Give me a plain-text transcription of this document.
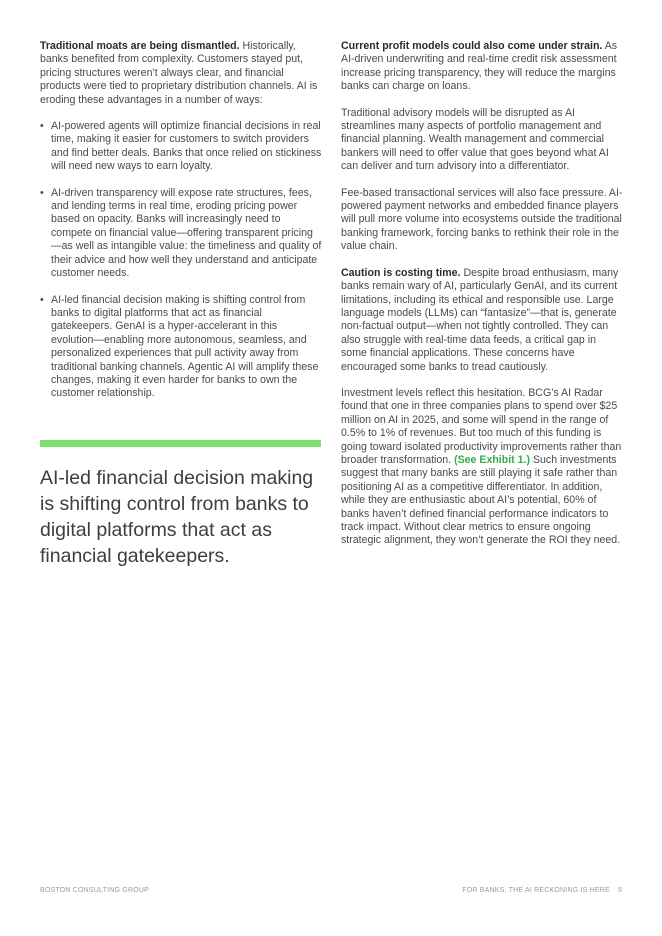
Traditional moats are being dismantled. Historically, banks benefited from complexity. Customers stayed put, pricing structures weren’t always clear, and financial products were tied to proprietary distribution channels. AI is eroding these advantages in a number of ways:

• AI-powered agents will optimize financial decisions in real time, making it easier for customers to switch providers and find better deals. Banks that once relied on stickiness will need new ways to earn loyalty.
• AI-driven transparency will expose rate structures, fees, and lending terms in real time, eroding pricing power based on opacity. Banks will increasingly need to compete on financial value—offering transparent pricing—as well as intangible value: the timeliness and quality of their advice and how well they understand and anticipate customer needs.
• AI-led financial decision making is shifting control from banks to digital platforms that act as financial gatekeepers. GenAI is a hyper-accelerant in this evolution—enabling more autonomous, seamless, and personalized experiences that pull activity away from traditional banking channels. Agentic AI will amplify these changes, making it even harder for banks to own the customer relationship.
AI-led financial decision making is shifting control from banks to digital platforms that act as financial gatekeepers.

Current profit models could also come under strain. As AI-driven underwriting and real-time credit risk assessment increase pricing transparency, they will reduce the margins banks can charge on loans.

Traditional advisory models will be disrupted as AI streamlines many aspects of portfolio management and financial planning. Wealth management and commercial bankers will need to offer value that goes beyond what AI can deliver and turn advisory into a differentiator.

Fee-based transactional services will also face pressure. AI-powered payment networks and embedded finance players will pull more volume into ecosystems outside the traditional banking framework, forcing banks to rethink their role in the value chain.

Caution is costing time. Despite broad enthusiasm, many banks remain wary of AI, particularly GenAI, and its current limitations, including its ethical and responsible use. Large language models (LLMs) can “fantasize”—that is, generate non-factual output—when not tightly controlled. They can also struggle with real-time data feeds, a critical gap in some financial applications. These concerns have encouraged some banks to tread cautiously.

Investment levels reflect this hesitation. BCG’s AI Radar found that one in three companies plans to spend over $25 million on AI in 2025, and some will spend in the range of 0.5% to 1% of revenues. But too much of this funding is going toward isolated productivity improvements rather than broader transformation. (See Exhibit 1.) Such investments suggest that many banks are still playing it safe rather than positioning AI as a competitive differentiator. In addition, while they are enthusiastic about AI’s potential, 60% of banks haven’t defined financial performance indicators to track impact. Without clear metrics to ensure ongoing strategic alignment, they won’t generate the ROI they need.

BOSTON CONSULTING GROUP	FOR BANKS, THE AI RECKONING IS HERE 5
